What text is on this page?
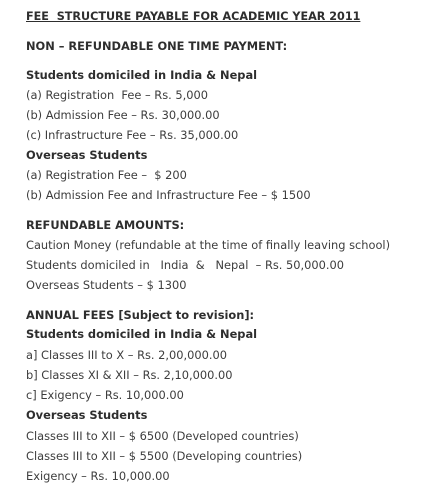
FEE  STRUCTURE PAYABLE FOR ACADEMIC YEAR 2011
NON – REFUNDABLE ONE TIME PAYMENT:
Students domiciled in India & Nepal
(a) Registration  Fee – Rs. 5,000
(b) Admission Fee – Rs. 30,000.00
(c) Infrastructure Fee – Rs. 35,000.00
Overseas Students
(a) Registration Fee –  $ 200
(b) Admission Fee and Infrastructure Fee – $ 1500
REFUNDABLE AMOUNTS:
Caution Money (refundable at the time of finally leaving school)
Students domiciled in   India  &   Nepal  – Rs. 50,000.00
Overseas Students – $ 1300
ANNUAL FEES [Subject to revision]:
Students domiciled in India & Nepal
a] Classes III to X – Rs. 2,00,000.00
b] Classes XI & XII – Rs. 2,10,000.00
c] Exigency – Rs. 10,000.00
Overseas Students
Classes III to XII – $ 6500 (Developed countries)
Classes III to XII – $ 5500 (Developing countries)
Exigency – Rs. 10,000.00
